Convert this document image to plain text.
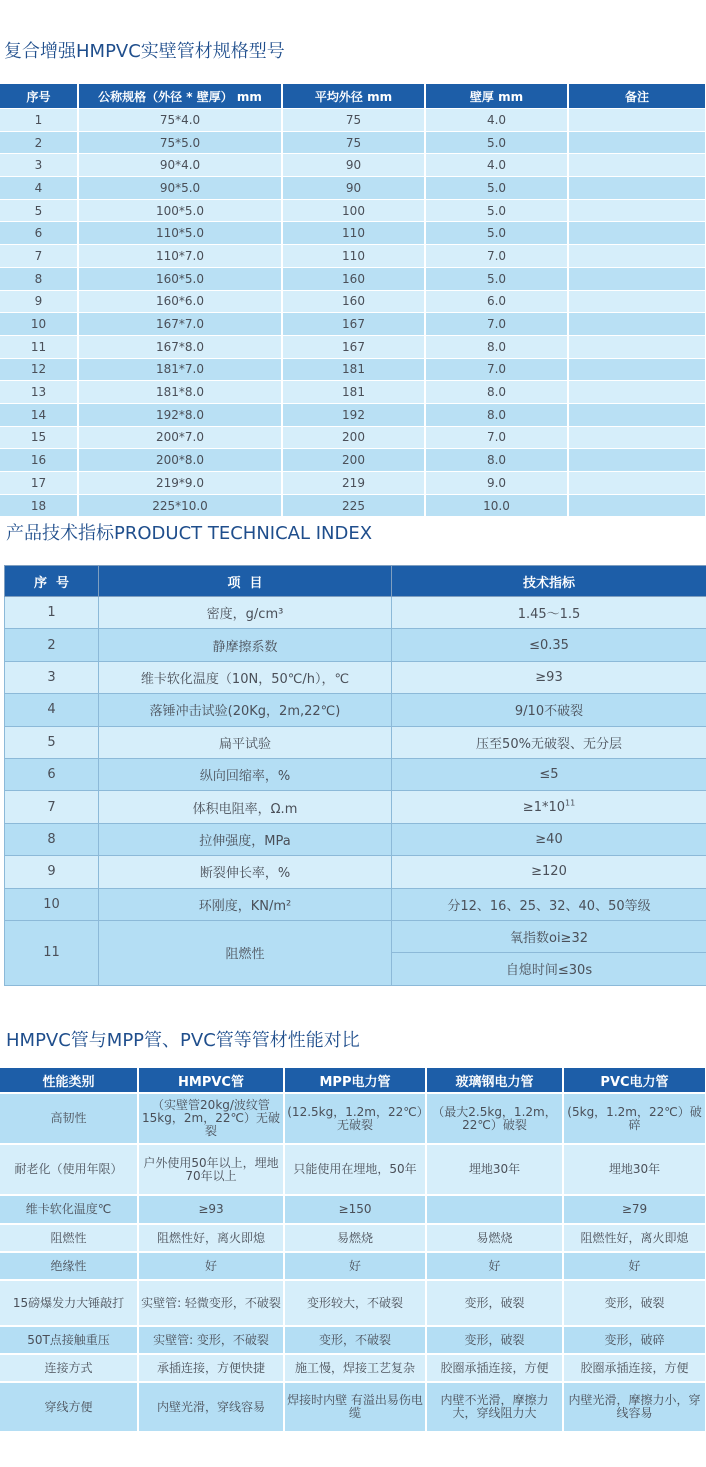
复合增强HMPVC实壁管材规格型号
序号	公称规格（外径 * 壁厚） mm	平均外径 mm	壁厚 mm	备注
1	75*4.0	75	4.0	
2	75*5.0	75	5.0	
3	90*4.0	90	4.0	
4	90*5.0	90	5.0	
5	100*5.0	100	5.0	
6	110*5.0	110	5.0	
7	110*7.0	110	7.0	
8	160*5.0	160	5.0	
9	160*6.0	160	6.0	
10	167*7.0	167	7.0	
11	167*8.0	167	8.0	
12	181*7.0	181	7.0	
13	181*8.0	181	8.0	
14	192*8.0	192	8.0	
15	200*7.0	200	7.0	
16	200*8.0	200	8.0	
17	219*9.0	219	9.0	
18	225*10.0	225	10.0	
产品技术指标PRODUCT TECHNICAL INDEX
序  号	项  目	技术指标
1	密度，g/cm³	1.45～1.5
2	静摩擦系数	≤0.35
3	维卡软化温度（10N，50℃/h），℃	≥93
4	落锤冲击试验(20Kg，2m,22℃)	9/10不破裂
5	扁平试验	压至50%无破裂、无分层
6	纵向回缩率，%	≤5
7	体积电阻率，Ω.m	$\ge 1*10^{11}$
8	拉伸强度，MPa	≥40
9	断裂伸长率，%	≥120
10	环刚度，KN/m²	分12、16、25、32、40、50等级
11	阻燃性	氧指数oi≥32
		自熄时间≤30s
HMPVC管与MPP管、PVC管等管材性能对比
性能类别	HMPVC管	MPP电力管	玻璃钢电力管	PVC电力管
高韧性	（实壁管20kg/波纹管15kg，2m，22℃）无破裂	(12.5kg，1.2m，22℃）无破裂	（最大2.5kg，1.2m，22℃）破裂	(5kg，1.2m，22℃）破碎
耐老化（使用年限）	户外使用50年以上，埋地70年以上	只能使用在埋地，50年	埋地30年	埋地30年
维卡软化温度℃	≥93	≥150		≥79
阻燃性	阻燃性好，离火即熄	易燃烧	易燃烧	阻燃性好，离火即熄
绝缘性	好	好	好	好
15磅爆发力大锤敲打	实壁管: 轻微变形，不破裂	变形较大，不破裂	变形，破裂	变形，破裂
50T点接触重压	实壁管: 变形，不破裂	变形，不破裂	变形，破裂	变形，破碎
连接方式	承插连接，方便快捷	施工慢，焊接工艺复杂	胶圈承插连接，方便	胶圈承插连接，方便
穿线方便	内壁光滑，穿线容易	焊接时内壁 有溢出易伤电缆	内壁不光滑，摩擦力大，穿线阻力大	内壁光滑，摩擦力小，穿线容易
